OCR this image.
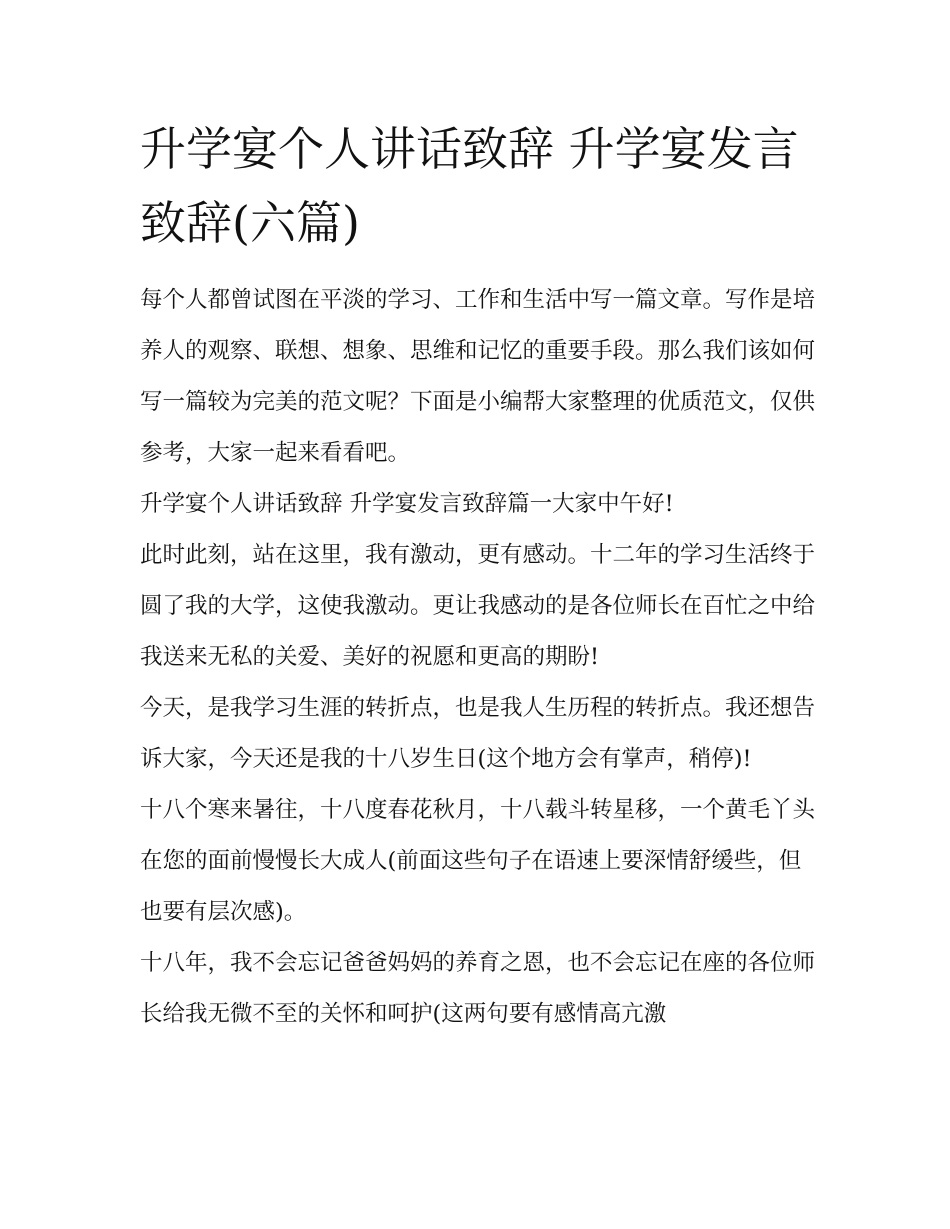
升学宴个人讲话致辞 升学宴发言致辞(六篇)

每个人都曾试图在平淡的学习、工作和生活中写一篇文章。写作是培养人的观察、联想、想象、思维和记忆的重要手段。那么我们该如何写一篇较为完美的范文呢？下面是小编帮大家整理的优质范文，仅供参考，大家一起来看看吧。

升学宴个人讲话致辞 升学宴发言致辞篇一大家中午好!

此时此刻，站在这里，我有激动，更有感动。十二年的学习生活终于圆了我的大学，这使我激动。更让我感动的是各位师长在百忙之中给我送来无私的关爱、美好的祝愿和更高的期盼!

今天，是我学习生涯的转折点，也是我人生历程的转折点。我还想告诉大家，今天还是我的十八岁生日(这个地方会有掌声，稍停)!

十八个寒来暑往，十八度春花秋月，十八载斗转星移，一个黄毛丫头在您的面前慢慢长大成人(前面这些句子在语速上要深情舒缓些，但也要有层次感)。

十八年，我不会忘记爸爸妈妈的养育之恩，也不会忘记在座的各位师长给我无微不至的关怀和呵护(这两句要有感情高亢激
